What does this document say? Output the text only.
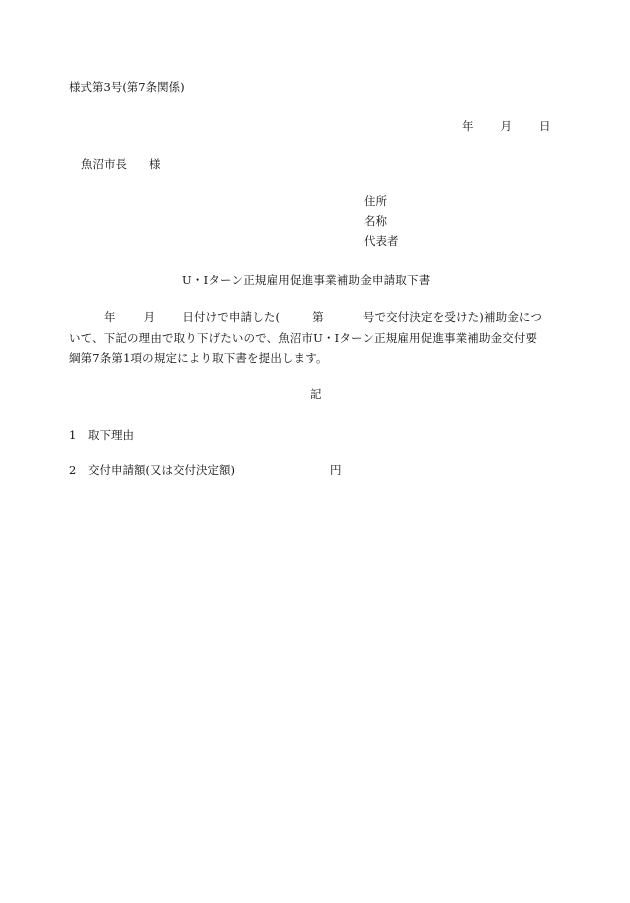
様式第3号(第7条関係)
年 月 日
魚沼市長 様
住所
名称
代表者
U・Iターン正規雇用促進事業補助金申請取下書
年 月 日付けで申請した(	第	号で交付決定を受けた)補助金につ
いて、下記の理由で取り下げたいので、魚沼市U・Iターン正規雇用促進事業補助金交付要
綱第7条第1項の規定により取下書を提出します。
記
1 取下理由
2 交付申請額(又は交付決定額)	円
